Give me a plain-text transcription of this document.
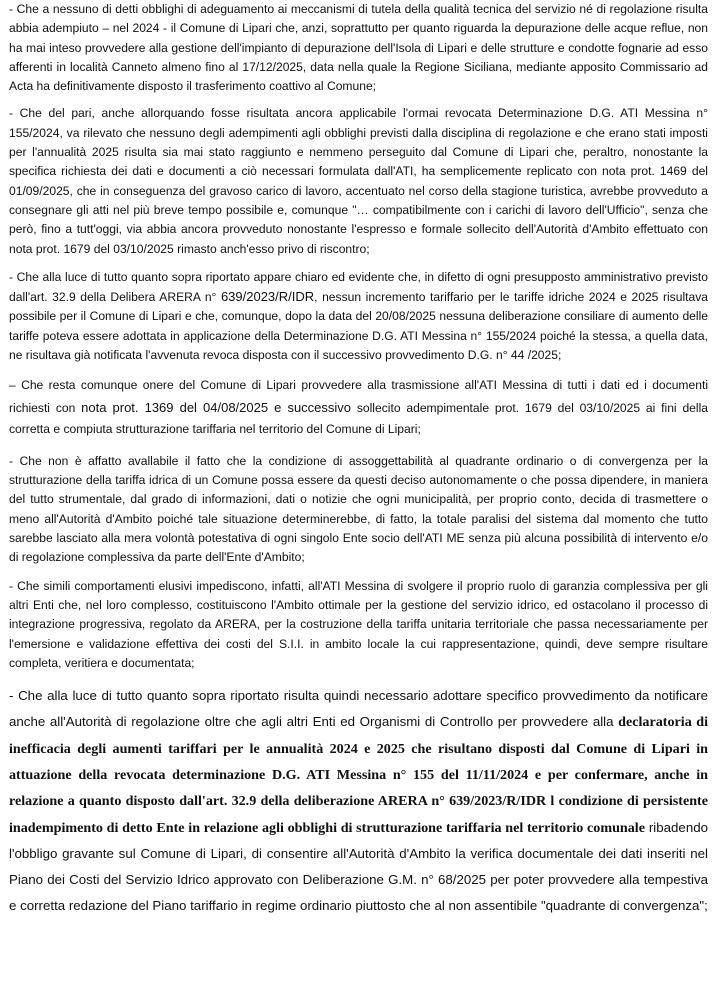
- Che a nessuno di detti obblighi di adeguamento ai meccanismi di tutela della qualità tecnica del servizio né di regolazione risulta abbia adempiuto – nel 2024 - il Comune di Lipari che, anzi, soprattutto per quanto riguarda la depurazione delle acque reflue, non ha mai inteso provvedere alla gestione dell'impianto di depurazione dell'Isola di Lipari e delle strutture e condotte fognarie ad esso afferenti in località Canneto almeno fino al 17/12/2025, data nella quale la Regione Siciliana, mediante apposito Commissario ad Acta ha definitivamente disposto il trasferimento coattivo al Comune;

- Che del pari, anche allorquando fosse risultata ancora applicabile l'ormai revocata Determinazione D.G. ATI Messina n° 155/2024, va rilevato che nessuno degli adempimenti agli obblighi previsti dalla disciplina di regolazione e che erano stati imposti per l'annualità 2025 risulta sia mai stato raggiunto e nemmeno perseguito dal Comune di Lipari che, peraltro, nonostante la specifica richiesta dei dati e documenti a ciò necessari formulata dall'ATI, ha semplicemente replicato con nota prot. 1469 del 01/09/2025, che in conseguenza del gravoso carico di lavoro, accentuato nel corso della stagione turistica, avrebbe provveduto a consegnare gli atti nel più breve tempo possibile e, comunque "… compatibilmente con i carichi di lavoro dell'Ufficio", senza che però, fino a tutt'oggi, via abbia ancora provveduto nonostante l'espresso e formale sollecito dell'Autorità d'Ambito effettuato con nota prot. 1679 del 03/10/2025 rimasto anch'esso privo di riscontro;

- Che alla luce di tutto quanto sopra riportato appare chiaro ed evidente che, in difetto di ogni presupposto amministrativo previsto dall'art. 32.9 della Delibera ARERA n° 639/2023/R/IDR, nessun incremento tariffario per le tariffe idriche 2024 e 2025 risultava possibile per il Comune di Lipari e che, comunque, dopo la data del 20/08/2025 nessuna deliberazione consiliare di aumento delle tariffe poteva essere adottata in applicazione della Determinazione D.G. ATI Messina n° 155/2024 poiché la stessa, a quella data, ne risultava già notificata l'avvenuta revoca disposta con il successivo provvedimento D.G. n° 44 /2025;

– Che resta comunque onere del Comune di Lipari provvedere alla trasmissione all'ATI Messina di tutti i dati ed i documenti richiesti con nota prot. 1369 del 04/08/2025 e successivo sollecito adempimentale prot. 1679 del 03/10/2025 ai fini della corretta e compiuta strutturazione tariffaria nel territorio del Comune di Lipari;

- Che non è affatto avallabile il fatto che la condizione di assoggettabilità al quadrante ordinario o di convergenza per la strutturazione della tariffa idrica di un Comune possa essere da questi deciso autonomamente o che possa dipendere, in maniera del tutto strumentale, dal grado di informazioni, dati o notizie che ogni municipalità, per proprio conto, decida di trasmettere o meno all'Autorità d'Ambito poiché tale situazione determinerebbe, di fatto, la totale paralisi del sistema dal momento che tutto sarebbe lasciato alla mera volontà potestativa di ogni singolo Ente socio dell'ATI ME senza più alcuna possibilità di intervento e/o di regolazione complessiva da parte dell'Ente d'Ambito;

- Che simili comportamenti elusivi impediscono, infatti, all'ATI Messina di svolgere il proprio ruolo di garanzia complessiva per gli altri Enti che, nel loro complesso, costituiscono l'Ambito ottimale per la gestione del servizio idrico, ed ostacolano il processo di integrazione progressiva, regolato da ARERA, per la costruzione della tariffa unitaria territoriale che passa necessariamente per l'emersione e validazione effettiva dei costi del S.I.I. in ambito locale la cui rappresentazione, quindi, deve sempre risultare completa, veritiera e documentata;

- Che alla luce di tutto quanto sopra riportato risulta quindi necessario adottare specifico provvedimento da notificare anche all'Autorità di regolazione oltre che agli altri Enti ed Organismi di Controllo per provvedere alla declaratoria di inefficacia degli aumenti tariffari per le annualità 2024 e 2025 che risultano disposti dal Comune di Lipari in attuazione della revocata determinazione D.G. ATI Messina n° 155 del 11/11/2024 e per confermare, anche in relazione a quanto disposto dall'art. 32.9 della deliberazione ARERA n° 639/2023/R/IDR l condizione di persistente inadempimento di detto Ente in relazione agli obblighi di strutturazione tariffaria nel territorio comunale ribadendo l'obbligo gravante sul Comune di Lipari, di consentire all'Autorità d'Ambito la verifica documentale dei dati inseriti nel Piano dei Costi del Servizio Idrico approvato con Deliberazione G.M. n° 68/2025 per poter provvedere alla tempestiva e corretta redazione del Piano tariffario in regime ordinario piuttosto che al non assentibile "quadrante di convergenza";
